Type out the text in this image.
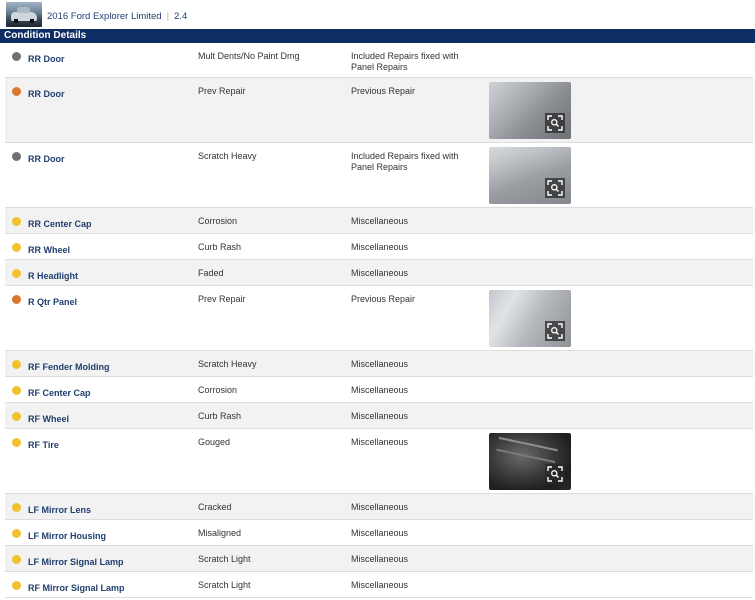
2016 Ford Explorer Limited | 2.4
Condition Details
RR Door	Mult Dents/No Paint Dmg	Included Repairs fixed with Panel Repairs
RR Door	Prev Repair	Previous Repair
RR Door	Scratch Heavy	Included Repairs fixed with Panel Repairs
RR Center Cap	Corrosion	Miscellaneous
RR Wheel	Curb Rash	Miscellaneous
R Headlight	Faded	Miscellaneous
R Qtr Panel	Prev Repair	Previous Repair
RF Fender Molding	Scratch Heavy	Miscellaneous
RF Center Cap	Corrosion	Miscellaneous
RF Wheel	Curb Rash	Miscellaneous
RF Tire	Gouged	Miscellaneous
LF Mirror Lens	Cracked	Miscellaneous
LF Mirror Housing	Misaligned	Miscellaneous
LF Mirror Signal Lamp	Scratch Light	Miscellaneous
RF Mirror Signal Lamp	Scratch Light	Miscellaneous
